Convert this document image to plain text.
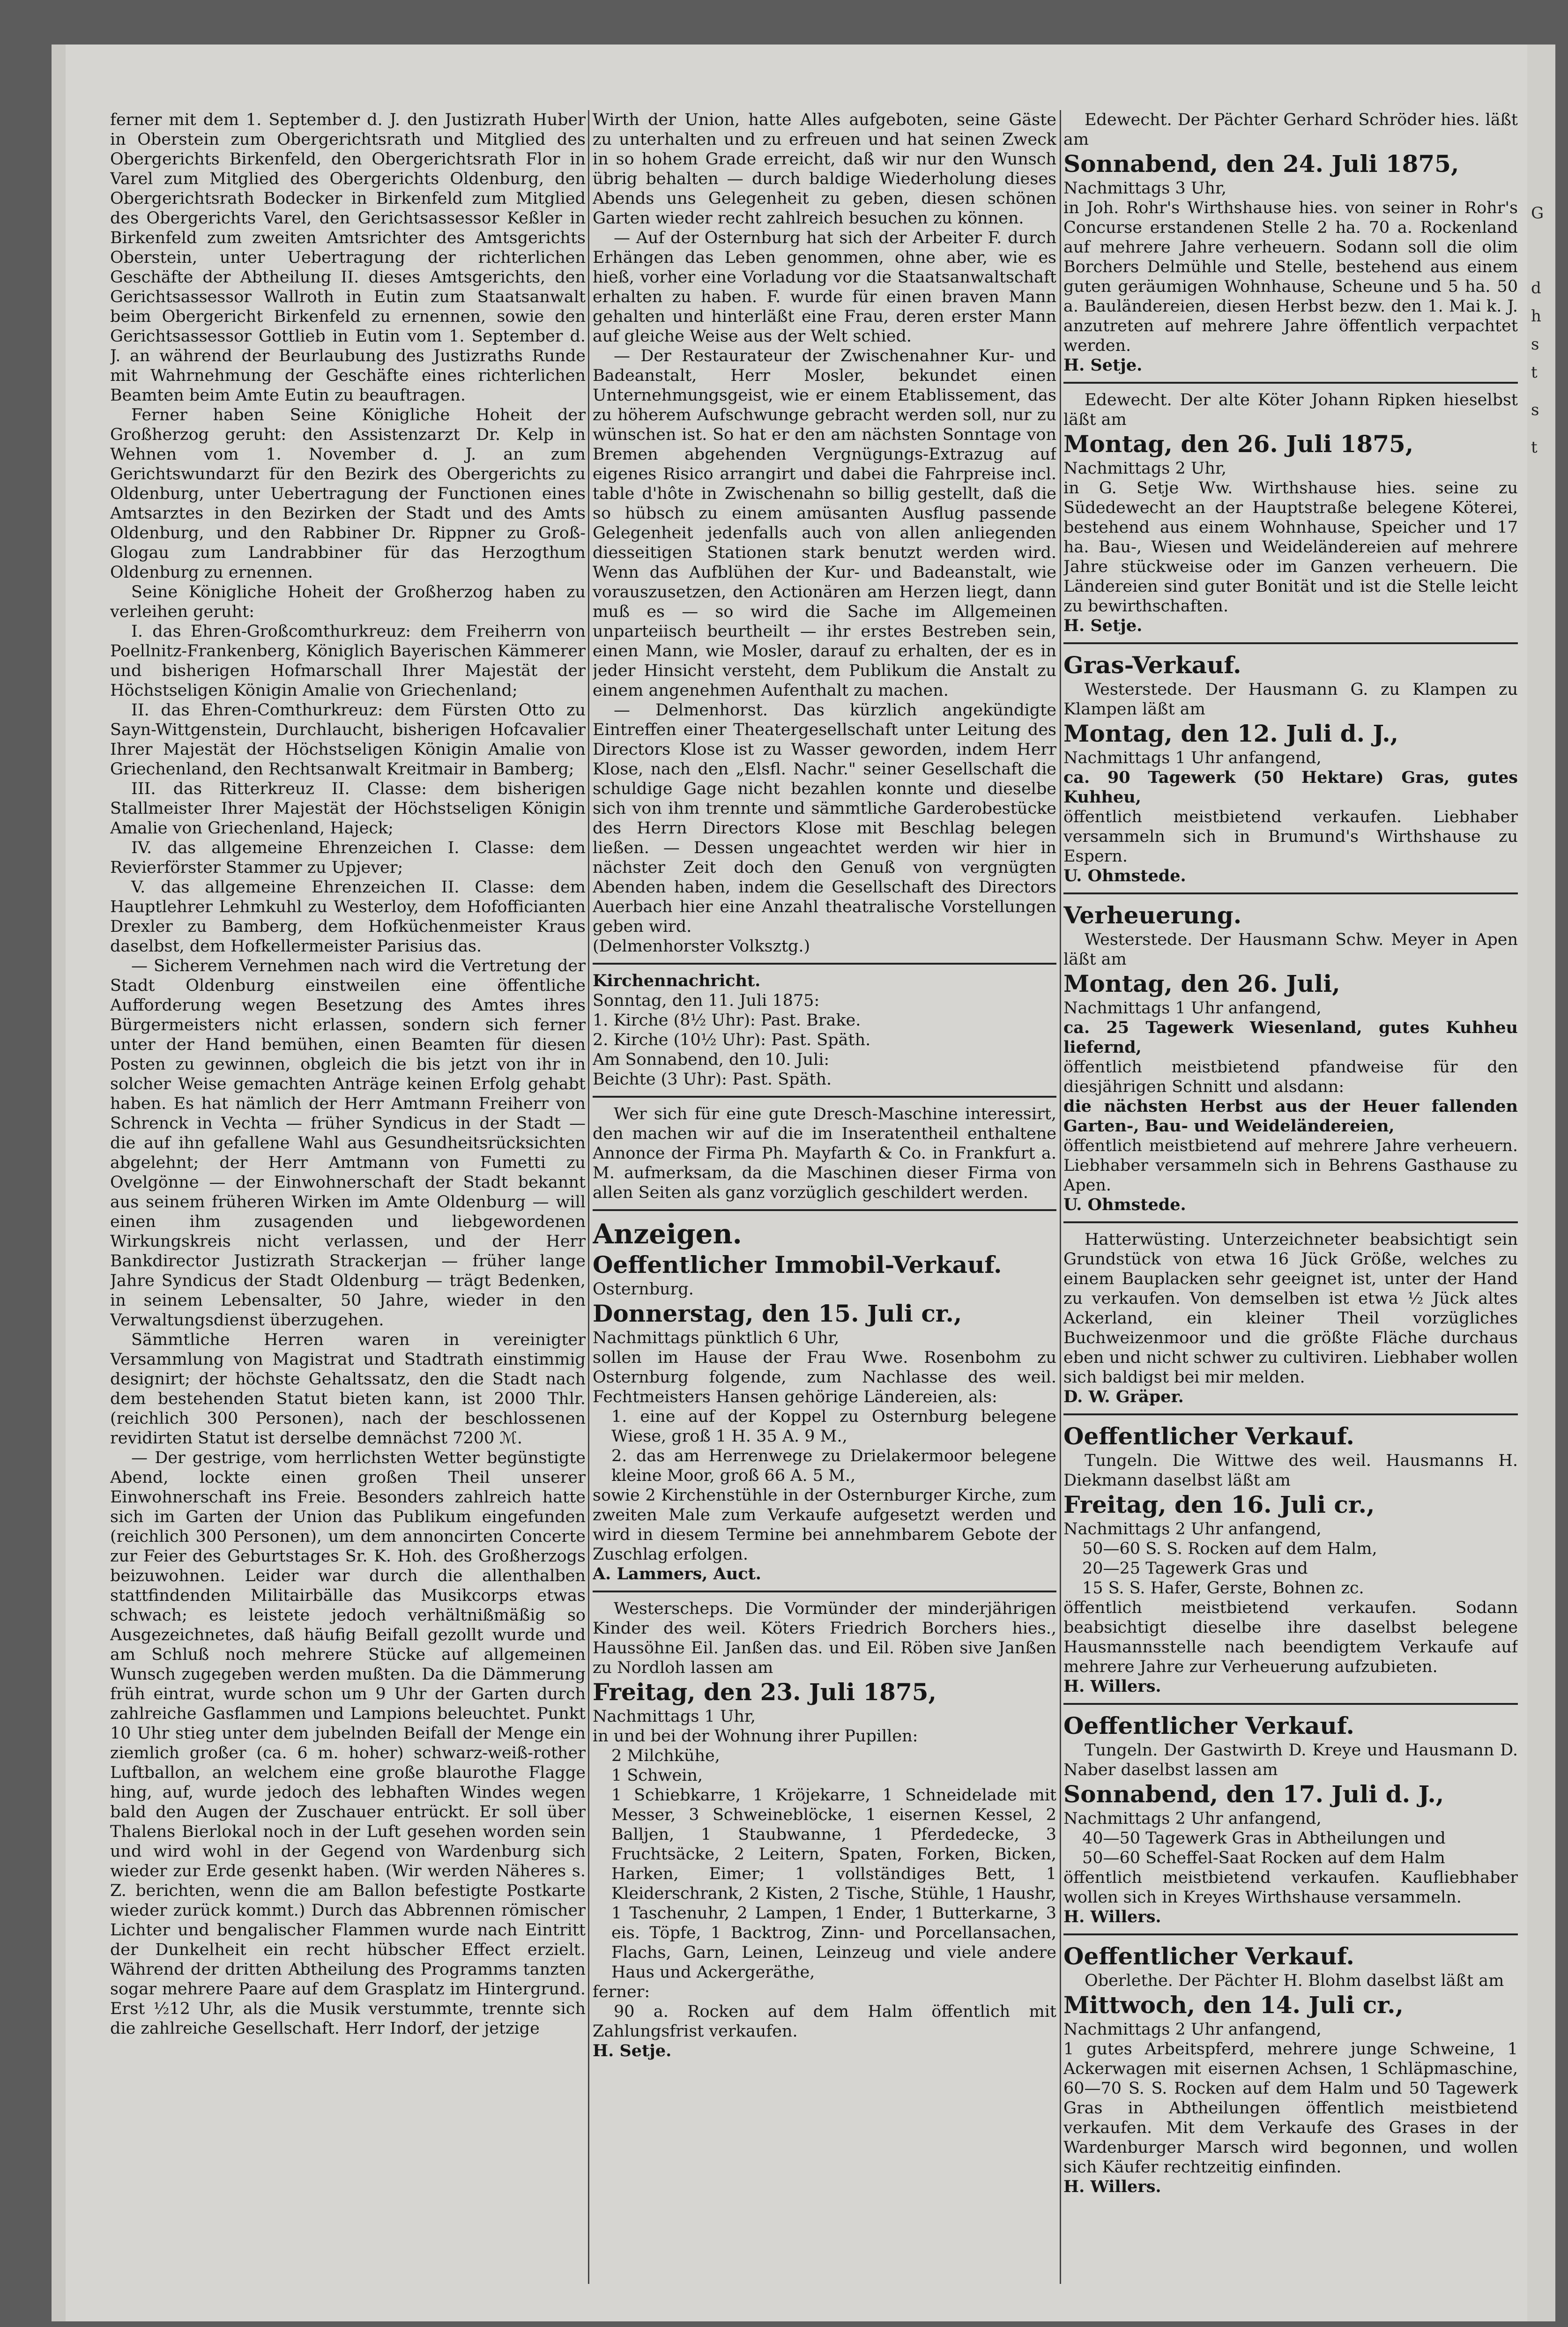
ferner mit dem 1. September d. J. den Justizrath Huber in Oberstein zum Obergerichtsrath und Mitglied des Obergerichts Birkenfeld, den Obergerichtsrath Flor in Varel zum Mitglied des Obergerichts Oldenburg, den Obergerichtsrath Bodecker in Birkenfeld zum Mitglied des Obergerichts Varel, den Gerichtsassessor Keßler in Birkenfeld zum zweiten Amtsrichter des Amtsgerichts Oberstein, unter Uebertragung der richterlichen Geschäfte der Abtheilung II. dieses Amtsgerichts, den Gerichtsassessor Wallroth in Eutin zum Staatsanwalt beim Obergericht Birkenfeld zu ernennen, sowie den Gerichtsassessor Gottlieb in Eutin vom 1. September d. J. an während der Beurlaubung des Justizraths Runde mit Wahrnehmung der Geschäfte eines richterlichen Beamten beim Amte Eutin zu beauftragen.

Ferner haben Seine Königliche Hoheit der Großherzog geruht: den Assistenzarzt Dr. Kelp in Wehnen vom 1. November d. J. an zum Gerichtswundarzt für den Bezirk des Obergerichts zu Oldenburg, unter Uebertragung der Functionen eines Amtsarztes in den Bezirken der Stadt und des Amts Oldenburg, und den Rabbiner Dr. Rippner zu Groß-Glogau zum Landrabbiner für das Herzogthum Oldenburg zu ernennen.

Seine Königliche Hoheit der Großherzog haben zu verleihen geruht:

I. das Ehren-Großcomthurkreuz: dem Freiherrn von Poellnitz-Frankenberg, Königlich Bayerischen Kämmerer und bisherigen Hofmarschall Ihrer Majestät der Höchstseligen Königin Amalie von Griechenland;

II. das Ehren-Comthurkreuz: dem Fürsten Otto zu Sayn-Wittgenstein, Durchlaucht, bisherigen Hofcavalier Ihrer Majestät der Höchstseligen Königin Amalie von Griechenland, den Rechtsanwalt Kreitmair in Bamberg;

III. das Ritterkreuz II. Classe: dem bisherigen Stallmeister Ihrer Majestät der Höchstseligen Königin Amalie von Griechenland, Hajeck;

IV. das allgemeine Ehrenzeichen I. Classe: dem Revierförster Stammer zu Upjever;

V. das allgemeine Ehrenzeichen II. Classe: dem Hauptlehrer Lehmkuhl zu Westerloy, dem Hofofficianten Drexler zu Bamberg, dem Hofküchenmeister Kraus daselbst, dem Hofkellermeister Parisius das.

— Sicherem Vernehmen nach wird die Vertretung der Stadt Oldenburg einstweilen eine öffentliche Aufforderung wegen Besetzung des Amtes ihres Bürgermeisters nicht erlassen, sondern sich ferner unter der Hand bemühen, einen Beamten für diesen Posten zu gewinnen, obgleich die bis jetzt von ihr in solcher Weise gemachten Anträge keinen Erfolg gehabt haben. Es hat nämlich der Herr Amtmann Freiherr von Schrenck in Vechta — früher Syndicus in der Stadt — die auf ihn gefallene Wahl aus Gesundheitsrücksichten abgelehnt; der Herr Amtmann von Fumetti zu Ovelgönne — der Einwohnerschaft der Stadt bekannt aus seinem früheren Wirken im Amte Oldenburg — will einen ihm zusagenden und liebgewordenen Wirkungskreis nicht verlassen, und der Herr Bankdirector Justizrath Strackerjan — früher lange Jahre Syndicus der Stadt Oldenburg — trägt Bedenken, in seinem Lebensalter, 50 Jahre, wieder in den Verwaltungsdienst überzugehen.

Sämmtliche Herren waren in vereinigter Versammlung von Magistrat und Stadtrath einstimmig designirt; der höchste Gehaltssatz, den die Stadt nach dem bestehenden Statut bieten kann, ist 2000 Thlr. (reichlich 300 Personen), nach der beschlossenen revidirten Statut ist derselbe demnächst 7200 ℳ.

— Der gestrige, vom herrlichsten Wetter begünstigte Abend, lockte einen großen Theil unserer Einwohnerschaft ins Freie. Besonders zahlreich hatte sich im Garten der Union das Publikum eingefunden (reichlich 300 Personen), um dem annoncirten Concerte zur Feier des Geburtstages Sr. K. Hoh. des Großherzogs beizuwohnen. Leider war durch die allenthalben stattfindenden Militairbälle das Musikcorps etwas schwach; es leistete jedoch verhältnißmäßig so Ausgezeichnetes, daß häufig Beifall gezollt wurde und am Schluß noch mehrere Stücke auf allgemeinen Wunsch zugegeben werden mußten. Da die Dämmerung früh eintrat, wurde schon um 9 Uhr der Garten durch zahlreiche Gasflammen und Lampions beleuchtet. Punkt 10 Uhr stieg unter dem jubelnden Beifall der Menge ein ziemlich großer (ca. 6 m. hoher) schwarz-weiß-rother Luftballon, an welchem eine große blaurothe Flagge hing, auf, wurde jedoch des lebhaften Windes wegen bald den Augen der Zuschauer entrückt. Er soll über Thalens Bierlokal noch in der Luft gesehen worden sein und wird wohl in der Gegend von Wardenburg sich wieder zur Erde gesenkt haben. (Wir werden Näheres s. Z. berichten, wenn die am Ballon befestigte Postkarte wieder zurück kommt.) Durch das Abbrennen römischer Lichter und bengalischer Flammen wurde nach Eintritt der Dunkelheit ein recht hübscher Effect erzielt. Während der dritten Abtheilung des Programms tanzten sogar mehrere Paare auf dem Grasplatz im Hintergrund. Erst ½12 Uhr, als die Musik verstummte, trennte sich die zahlreiche Gesellschaft. Herr Indorf, der jetzige

Wirth der Union, hatte Alles aufgeboten, seine Gäste zu unterhalten und zu erfreuen und hat seinen Zweck in so hohem Grade erreicht, daß wir nur den Wunsch übrig behalten — durch baldige Wiederholung dieses Abends uns Gelegenheit zu geben, diesen schönen Garten wieder recht zahlreich besuchen zu können.

— Auf der Osternburg hat sich der Arbeiter F. durch Erhängen das Leben genommen, ohne aber, wie es hieß, vorher eine Vorladung vor die Staatsanwaltschaft erhalten zu haben. F. wurde für einen braven Mann gehalten und hinterläßt eine Frau, deren erster Mann auf gleiche Weise aus der Welt schied.

— Der Restaurateur der Zwischenahner Kur- und Badeanstalt, Herr Mosler, bekundet einen Unternehmungsgeist, wie er einem Etablissement, das zu höherem Aufschwunge gebracht werden soll, nur zu wünschen ist. So hat er den am nächsten Sonntage von Bremen abgehenden Vergnügungs-Extrazug auf eigenes Risico arrangirt und dabei die Fahrpreise incl. table d'hôte in Zwischenahn so billig gestellt, daß die so hübsch zu einem amüsanten Ausflug passende Gelegenheit jedenfalls auch von allen anliegenden diesseitigen Stationen stark benutzt werden wird. Wenn das Aufblühen der Kur- und Badeanstalt, wie vorauszusetzen, den Actionären am Herzen liegt, dann muß es — so wird die Sache im Allgemeinen unparteiisch beurtheilt — ihr erstes Bestreben sein, einen Mann, wie Mosler, darauf zu erhalten, der es in jeder Hinsicht versteht, dem Publikum die Anstalt zu einem angenehmen Aufenthalt zu machen.

— Delmenhorst. Das kürzlich angekündigte Eintreffen einer Theatergesellschaft unter Leitung des Directors Klose ist zu Wasser geworden, indem Herr Klose, nach den „Elsfl. Nachr." seiner Gesellschaft die schuldige Gage nicht bezahlen konnte und dieselbe sich von ihm trennte und sämmtliche Garderobestücke des Herrn Directors Klose mit Beschlag belegen ließen. — Dessen ungeachtet werden wir hier in nächster Zeit doch den Genuß von vergnügten Abenden haben, indem die Gesellschaft des Directors Auerbach hier eine Anzahl theatralische Vorstellungen geben wird.

(Delmenhorster Volksztg.)

Kirchennachricht.

Sonntag, den 11. Juli 1875:

1. Kirche (8½ Uhr): Past. Brake.

2. Kirche (10½ Uhr): Past. Späth.

Am Sonnabend, den 10. Juli:

Beichte (3 Uhr): Past. Späth.

Wer sich für eine gute Dresch-Maschine interessirt, den machen wir auf die im Inseratentheil enthaltene Annonce der Firma Ph. Mayfarth & Co. in Frankfurt a. M. aufmerksam, da die Maschinen dieser Firma von allen Seiten als ganz vorzüglich geschildert werden.

Anzeigen.

Oeffentlicher Immobil-Verkauf.

Osternburg.

Donnerstag, den 15. Juli cr.,

Nachmittags pünktlich 6 Uhr,

sollen im Hause der Frau Wwe. Rosenbohm zu Osternburg folgende, zum Nachlasse des weil. Fechtmeisters Hansen gehörige Ländereien, als:

1. eine auf der Koppel zu Osternburg belegene Wiese, groß 1 H. 35 A. 9 M.,

2. das am Herrenwege zu Drielakermoor belegene kleine Moor, groß 66 A. 5 M.,

sowie 2 Kirchenstühle in der Osternburger Kirche, zum zweiten Male zum Verkaufe aufgesetzt werden und wird in diesem Termine bei annehmbarem Gebote der Zuschlag erfolgen.

A. Lammers, Auct.

Westerscheps. Die Vormünder der minderjährigen Kinder des weil. Köters Friedrich Borchers hies., Haussöhne Eil. Janßen das. und Eil. Röben sive Janßen zu Nordloh lassen am

Freitag, den 23. Juli 1875,

Nachmittags 1 Uhr,

in und bei der Wohnung ihrer Pupillen:

2 Milchkühe,

1 Schwein,

1 Schiebkarre, 1 Kröjekarre, 1 Schneidelade mit Messer, 3 Schweineblöcke, 1 eisernen Kessel, 2 Balljen, 1 Staubwanne, 1 Pferdedecke, 3 Fruchtsäcke, 2 Leitern, Spaten, Forken, Bicken, Harken, Eimer; 1 vollständiges Bett, 1 Kleiderschrank, 2 Kisten, 2 Tische, Stühle, 1 Haushr, 1 Taschenuhr, 2 Lampen, 1 Ender, 1 Butterkarne, 3 eis. Töpfe, 1 Backtrog, Zinn- und Porcellansachen, Flachs, Garn, Leinen, Leinzeug und viele andere Haus und Ackergeräthe,

ferner:

90 a. Rocken auf dem Halm öffentlich mit Zahlungsfrist verkaufen.

H. Setje.

Edewecht. Der Pächter Gerhard Schröder hies. läßt am

Sonnabend, den 24. Juli 1875,

Nachmittags 3 Uhr,

in Joh. Rohr's Wirthshause hies. von seiner in Rohr's Concurse erstandenen Stelle 2 ha. 70 a. Rockenland auf mehrere Jahre verheuern. Sodann soll die olim Borchers Delmühle und Stelle, bestehend aus einem guten geräumigen Wohnhause, Scheune und 5 ha. 50 a. Bauländereien, diesen Herbst bezw. den 1. Mai k. J. anzutreten auf mehrere Jahre öffentlich verpachtet werden.

H. Setje.

Edewecht. Der alte Köter Johann Ripken hieselbst läßt am

Montag, den 26. Juli 1875,

Nachmittags 2 Uhr,

in G. Setje Ww. Wirthshause hies. seine zu Südedewecht an der Hauptstraße belegene Köterei, bestehend aus einem Wohnhause, Speicher und 17 ha. Bau-, Wiesen und Weideländereien auf mehrere Jahre stückweise oder im Ganzen verheuern. Die Ländereien sind guter Bonität und ist die Stelle leicht zu bewirthschaften.

H. Setje.

Gras-Verkauf.

Westerstede. Der Hausmann G. zu Klampen zu Klampen läßt am

Montag, den 12. Juli d. J.,

Nachmittags 1 Uhr anfangend,

ca. 90 Tagewerk (50 Hektare) Gras, gutes Kuhheu,

öffentlich meistbietend verkaufen. Liebhaber versammeln sich in Brumund's Wirthshause zu Espern.

U. Ohmstede.

Verheuerung.

Westerstede. Der Hausmann Schw. Meyer in Apen läßt am

Montag, den 26. Juli,

Nachmittags 1 Uhr anfangend,

ca. 25 Tagewerk Wiesenland, gutes Kuhheu liefernd,

öffentlich meistbietend pfandweise für den diesjährigen Schnitt und alsdann:

die nächsten Herbst aus der Heuer fallenden Garten-, Bau- und Weideländereien,

öffentlich meistbietend auf mehrere Jahre verheuern. Liebhaber versammeln sich in Behrens Gasthause zu Apen.

U. Ohmstede.

Hatterwüsting. Unterzeichneter beabsichtigt sein Grundstück von etwa 16 Jück Größe, welches zu einem Bauplacken sehr geeignet ist, unter der Hand zu verkaufen. Von demselben ist etwa ½ Jück altes Ackerland, ein kleiner Theil vorzügliches Buchweizenmoor und die größte Fläche durchaus eben und nicht schwer zu cultiviren. Liebhaber wollen sich baldigst bei mir melden.

D. W. Gräper.

Oeffentlicher Verkauf.

Tungeln. Die Wittwe des weil. Hausmanns H. Diekmann daselbst läßt am

Freitag, den 16. Juli cr.,

Nachmittags 2 Uhr anfangend,

50—60 S. S. Rocken auf dem Halm,

20—25 Tagewerk Gras und

15 S. S. Hafer, Gerste, Bohnen zc.

öffentlich meistbietend verkaufen. Sodann beabsichtigt dieselbe ihre daselbst belegene Hausmannsstelle nach beendigtem Verkaufe auf mehrere Jahre zur Verheuerung aufzubieten.

H. Willers.

Oeffentlicher Verkauf.

Tungeln. Der Gastwirth D. Kreye und Hausmann D. Naber daselbst lassen am

Sonnabend, den 17. Juli d. J.,

Nachmittags 2 Uhr anfangend,

40—50 Tagewerk Gras in Abtheilungen und

50—60 Scheffel-Saat Rocken auf dem Halm

öffentlich meistbietend verkaufen. Kaufliebhaber wollen sich in Kreyes Wirthshause versammeln.

H. Willers.

Oeffentlicher Verkauf.

Oberlethe. Der Pächter H. Blohm daselbst läßt am

Mittwoch, den 14. Juli cr.,

Nachmittags 2 Uhr anfangend,

1 gutes Arbeitspferd, mehrere junge Schweine, 1 Ackerwagen mit eisernen Achsen, 1 Schläpmaschine, 60—70 S. S. Rocken auf dem Halm und 50 Tagewerk Gras in Abtheilungen öffentlich meistbietend verkaufen. Mit dem Verkaufe des Grases in der Wardenburger Marsch wird begonnen, und wollen sich Käufer rechtzeitig einfinden.

H. Willers.

G
d
h
s
t
s
t
